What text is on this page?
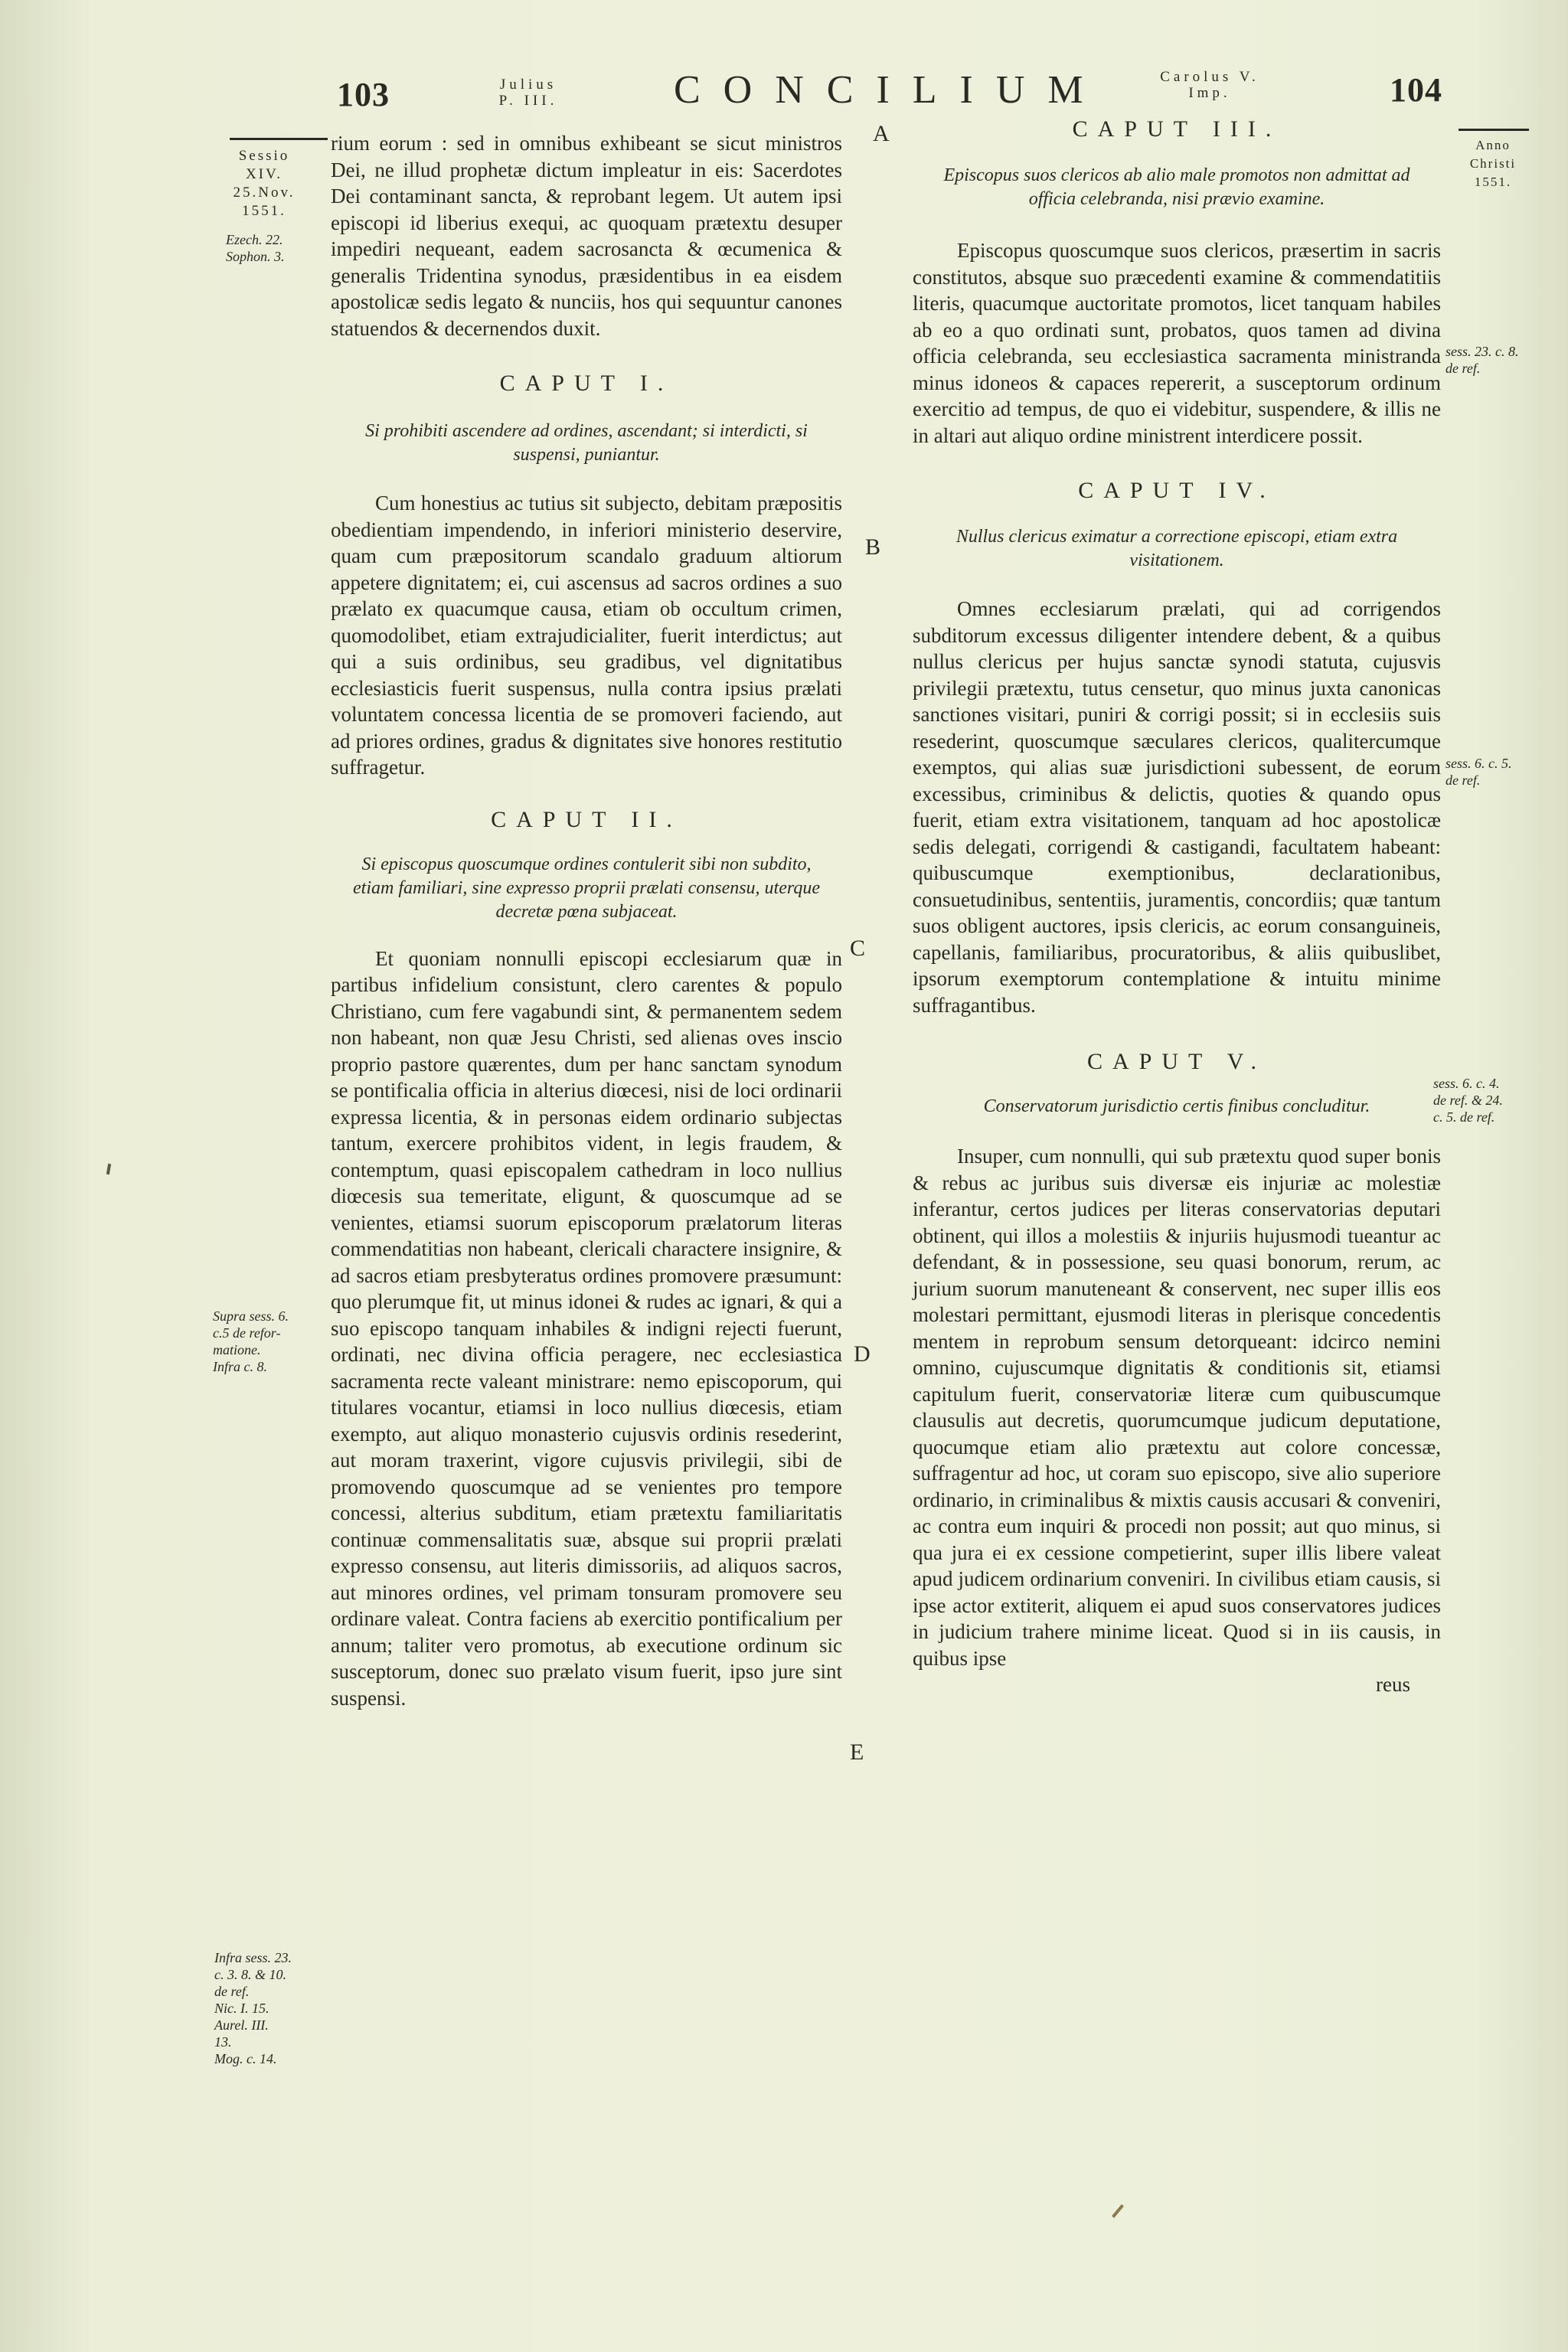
103	Julius
P. III.	CONCILIUM	Carolus V.
Imp.	104
Sessio
XIV.
25.Nov.
1551.
Ezech. 22.
Sophon. 3.
Supra sess. 6.
c.5 de refor-
matione.
Infra c. 8.
Infra sess. 23.
c. 3. 8. & 10.
de ref.
Nic. I. 15.
Aurel. III.
13.
Mog. c. 14.
Anno
Christi
1551.
sess. 23. c. 8.
de ref.
sess. 6. c. 5.
de ref.
sess. 6. c. 4.
de ref. & 24.
c. 5. de ref.
A
B
C
D
E

rium eorum : sed in omnibus exhibeant se sicut ministros Dei, ne illud prophetæ dictum impleatur in eis: Sacerdotes Dei contaminant sancta, & reprobant legem. Ut autem ipsi episcopi id liberius exequi, ac quoquam prætextu desuper impediri nequeant, eadem sacrosancta & œcumenica & generalis Tridentina synodus, præsidentibus in ea eisdem apostolicæ sedis legato & nunciis, hos qui sequuntur canones statuendos & decernendos duxit.

CAPUT I.

Si prohibiti ascendere ad ordines, ascendant; si interdicti, si suspensi, puniantur.

Cum honestius ac tutius sit subjecto, debitam præpositis obedientiam impendendo, in inferiori ministerio deservire, quam cum præpositorum scandalo graduum altiorum appetere dignitatem; ei, cui ascensus ad sacros ordines a suo prælato ex quacumque causa, etiam ob occultum crimen, quomodolibet, etiam extrajudicialiter, fuerit interdictus; aut qui a suis ordinibus, seu gradibus, vel dignitatibus ecclesiasticis fuerit suspensus, nulla contra ipsius prælati voluntatem concessa licentia de se promoveri faciendo, aut ad priores ordines, gradus & dignitates sive honores restitutio suffragetur.

CAPUT II.

Si episcopus quoscumque ordines contulerit sibi non subdito, etiam familiari, sine expresso proprii prælati consensu, uterque decretæ pœna subjaceat.

Et quoniam nonnulli episcopi ecclesiarum quæ in partibus infidelium consistunt, clero carentes & populo Christiano, cum fere vagabundi sint, & permanentem sedem non habeant, non quæ Jesu Christi, sed alienas oves inscio proprio pastore quærentes, dum per hanc sanctam synodum se pontificalia officia in alterius diœcesi, nisi de loci ordinarii expressa licentia, & in personas eidem ordinario subjectas tantum, exercere prohibitos vident, in legis fraudem, & contemptum, quasi episcopalem cathedram in loco nullius diœcesis sua temeritate, eligunt, & quoscumque ad se venientes, etiamsi suorum episcoporum prælatorum literas commendatitias non habeant, clericali charactere insignire, & ad sacros etiam presbyteratus ordines promovere præsumunt: quo plerumque fit, ut minus idonei & rudes ac ignari, & qui a suo episcopo tanquam inhabiles & indigni rejecti fuerunt, ordinati, nec divina officia peragere, nec ecclesiastica sacramenta recte valeant ministrare: nemo episcoporum, qui titulares vocantur, etiamsi in loco nullius diœcesis, etiam exempto, aut aliquo monasterio cujusvis ordinis resederint, aut moram traxerint, vigore cujusvis privilegii, sibi de promovendo quoscumque ad se venientes pro tempore concessi, alterius subditum, etiam prætextu familiaritatis continuæ commensalitatis suæ, absque sui proprii prælati expresso consensu, aut literis dimissoriis, ad aliquos sacros, aut minores ordines, vel primam tonsuram promovere seu ordinare valeat. Contra faciens ab exercitio pontificalium per annum; taliter vero promotus, ab executione ordinum sic susceptorum, donec suo prælato visum fuerit, ipso jure sint suspensi.

CAPUT III.

Episcopus suos clericos ab alio male promotos non admittat ad officia celebranda, nisi prævio examine.

Episcopus quoscumque suos clericos, præsertim in sacris constitutos, absque suo præcedenti examine & commendatitiis literis, quacumque auctoritate promotos, licet tanquam habiles ab eo a quo ordinati sunt, probatos, quos tamen ad divina officia celebranda, seu ecclesiastica sacramenta ministranda minus idoneos & capaces repererit, a susceptorum ordinum exercitio ad tempus, de quo ei videbitur, suspendere, & illis ne in altari aut aliquo ordine ministrent interdicere possit.

CAPUT IV.

Nullus clericus eximatur a correctione episcopi, etiam extra visitationem.

Omnes ecclesiarum prælati, qui ad corrigendos subditorum excessus diligenter intendere debent, & a quibus nullus clericus per hujus sanctæ synodi statuta, cujusvis privilegii prætextu, tutus censetur, quo minus juxta canonicas sanctiones visitari, puniri & corrigi possit; si in ecclesiis suis resederint, quoscumque sæculares clericos, qualitercumque exemptos, qui alias suæ jurisdictioni subessent, de eorum excessibus, criminibus & delictis, quoties & quando opus fuerit, etiam extra visitationem, tanquam ad hoc apostolicæ sedis delegati, corrigendi & castigandi, facultatem habeant: quibuscumque exemptionibus, declarationibus, consuetudinibus, sententiis, juramentis, concordiis; quæ tantum suos obligent auctores, ipsis clericis, ac eorum consanguineis, capellanis, familiaribus, procuratoribus, & aliis quibuslibet, ipsorum exemptorum contemplatione & intuitu minime suffragantibus.

CAPUT V.

Conservatorum jurisdictio certis finibus concluditur.

Insuper, cum nonnulli, qui sub prætextu quod super bonis & rebus ac juribus suis diversæ eis injuriæ ac molestiæ inferantur, certos judices per literas conservatorias deputari obtinent, qui illos a molestiis & injuriis hujusmodi tueantur ac defendant, & in possessione, seu quasi bonorum, rerum, ac jurium suorum manuteneant & conservent, nec super illis eos molestari permittant, ejusmodi literas in plerisque concedentis mentem in reprobum sensum detorqueant: idcirco nemini omnino, cujuscumque dignitatis & conditionis sit, etiamsi capitulum fuerit, conservatoriæ literæ cum quibuscumque clausulis aut decretis, quorumcumque judicum deputatione, quocumque etiam alio prætextu aut colore concessæ, suffragentur ad hoc, ut coram suo episcopo, sive alio superiore ordinario, in criminalibus & mixtis causis accusari & conveniri, ac contra eum inquiri & procedi non possit; aut quo minus, si qua jura ei ex cessione competierint, super illis libere valeat apud judicem ordinarium conveniri. In civilibus etiam causis, si ipse actor extiterit, aliquem ei apud suos conservatores judices in judicium trahere minime liceat. Quod si in iis causis, in quibus ipse

reus
